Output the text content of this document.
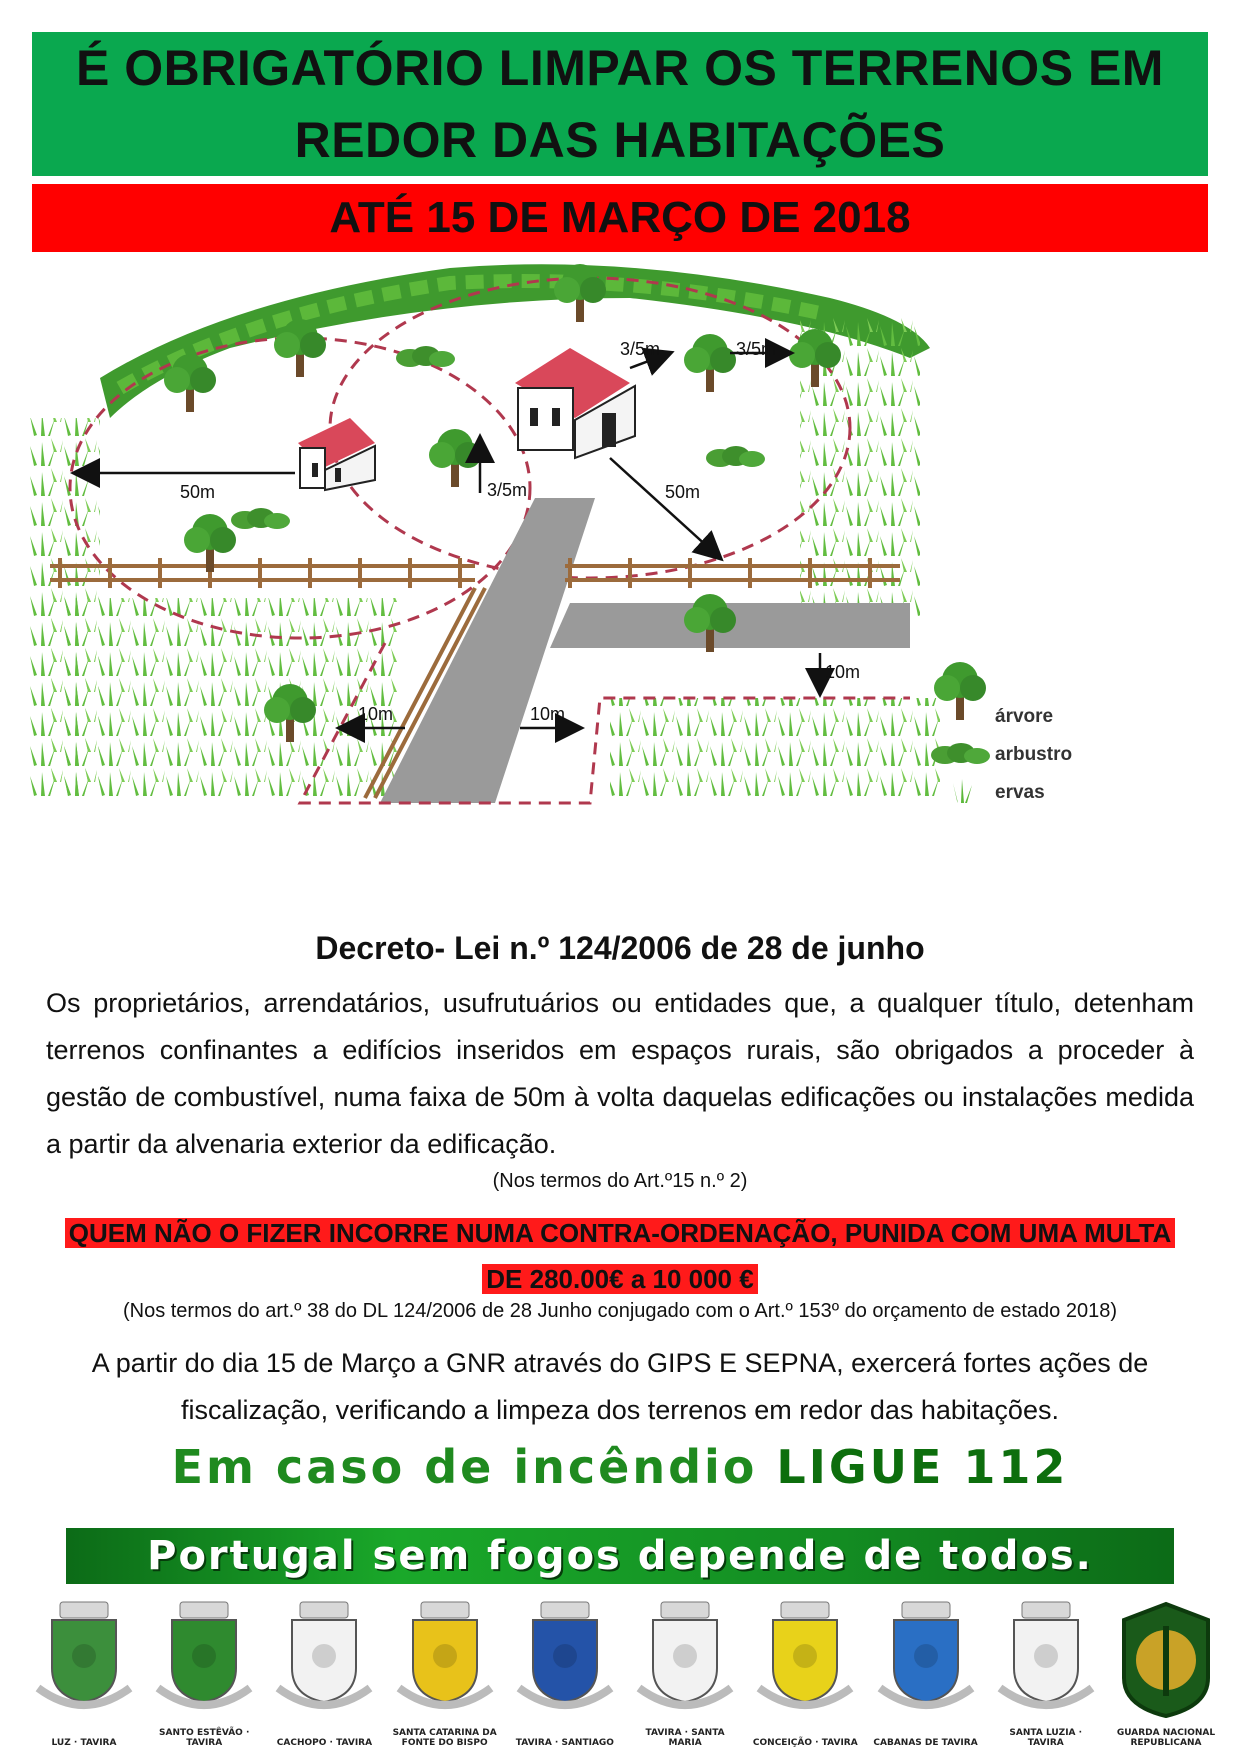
É OBRIGATÓRIO LIMPAR OS TERRENOS EM
REDOR DAS HABITAÇÕES
ATÉ 15 DE MARÇO DE 2018
50m	50m
3/5m	3/5m
3/5m
10m
10m	10m	árvore
arbustro
ervas
Decreto- Lei n.º 124/2006 de 28 de junho
Os proprietários, arrendatários, usufrutuários ou entidades que, a qualquer título, detenham terrenos confinantes a edifícios inseridos em espaços rurais, são obrigados a proceder à gestão de combustível, numa faixa de 50m à volta daquelas edificações ou instalações medida a partir da alvenaria exterior da edificação.
(Nos termos do Art.º15 n.º 2)
QUEM NÃO O FIZER INCORRE NUMA CONTRA-ORDENAÇÃO, PUNIDA COM UMA MULTA
DE 280.00€ a 10 000 €
(Nos termos do art.º 38 do DL 124/2006 de 28 Junho conjugado com o Art.º 153º do orçamento de estado 2018)
A partir do dia 15 de Março a GNR através do GIPS E SEPNA, exercerá fortes ações de fiscalização, verificando a limpeza dos terrenos em redor das habitações.
Em caso de incêndio LIGUE 112
Portugal sem fogos depende de todos.
LUZ · TAVIRA
SANTO ESTÊVÃO · TAVIRA	CACHOPO · TAVIRA
SANTA CATARINA DA FONTE DO BISPO	TAVIRA · SANTIAGO
TAVIRA · SANTA MARIA	CONCEIÇÃO · TAVIRA CABANAS DE TAVIRA
SANTA LUZIA · TAVIRA
GUARDA NACIONAL REPUBLICANA
